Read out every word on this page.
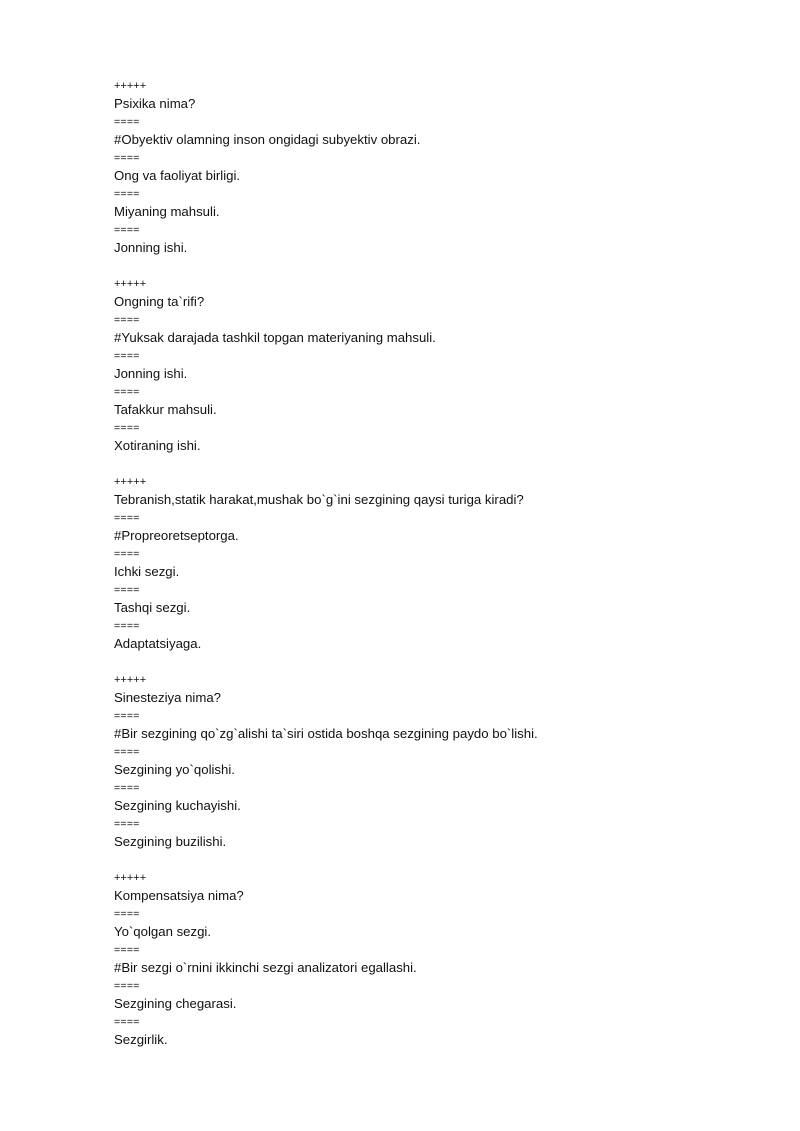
+++++
Psixika nima?
====
#Obyektiv olamning inson ongidagi subyektiv obrazi.
====
Ong va faoliyat birligi.
====
Miyaning mahsuli.
====
Jonning ishi.
+++++
Ongning ta`rifi?
====
#Yuksak darajada tashkil topgan materiyaning mahsuli.
====
Jonning ishi.
====
Tafakkur mahsuli.
====
Xotiraning ishi.
+++++
Tebranish,statik harakat,mushak bo`g`ini sezgining qaysi turiga kiradi?
====
#Propreoretseptorga.
====
Ichki sezgi.
====
Tashqi sezgi.
====
Adaptatsiyaga.
+++++
Sinesteziya nima?
====
#Bir sezgining qo`zg`alishi ta`siri ostida boshqa sezgining paydo bo`lishi.
====
Sezgining yo`qolishi.
====
Sezgining kuchayishi.
====
Sezgining buzilishi.
+++++
Kompensatsiya nima?
====
Yo`qolgan sezgi.
====
#Bir sezgi o`rnini ikkinchi sezgi analizatori egallashi.
====
Sezgining chegarasi.
====
Sezgirlik.
